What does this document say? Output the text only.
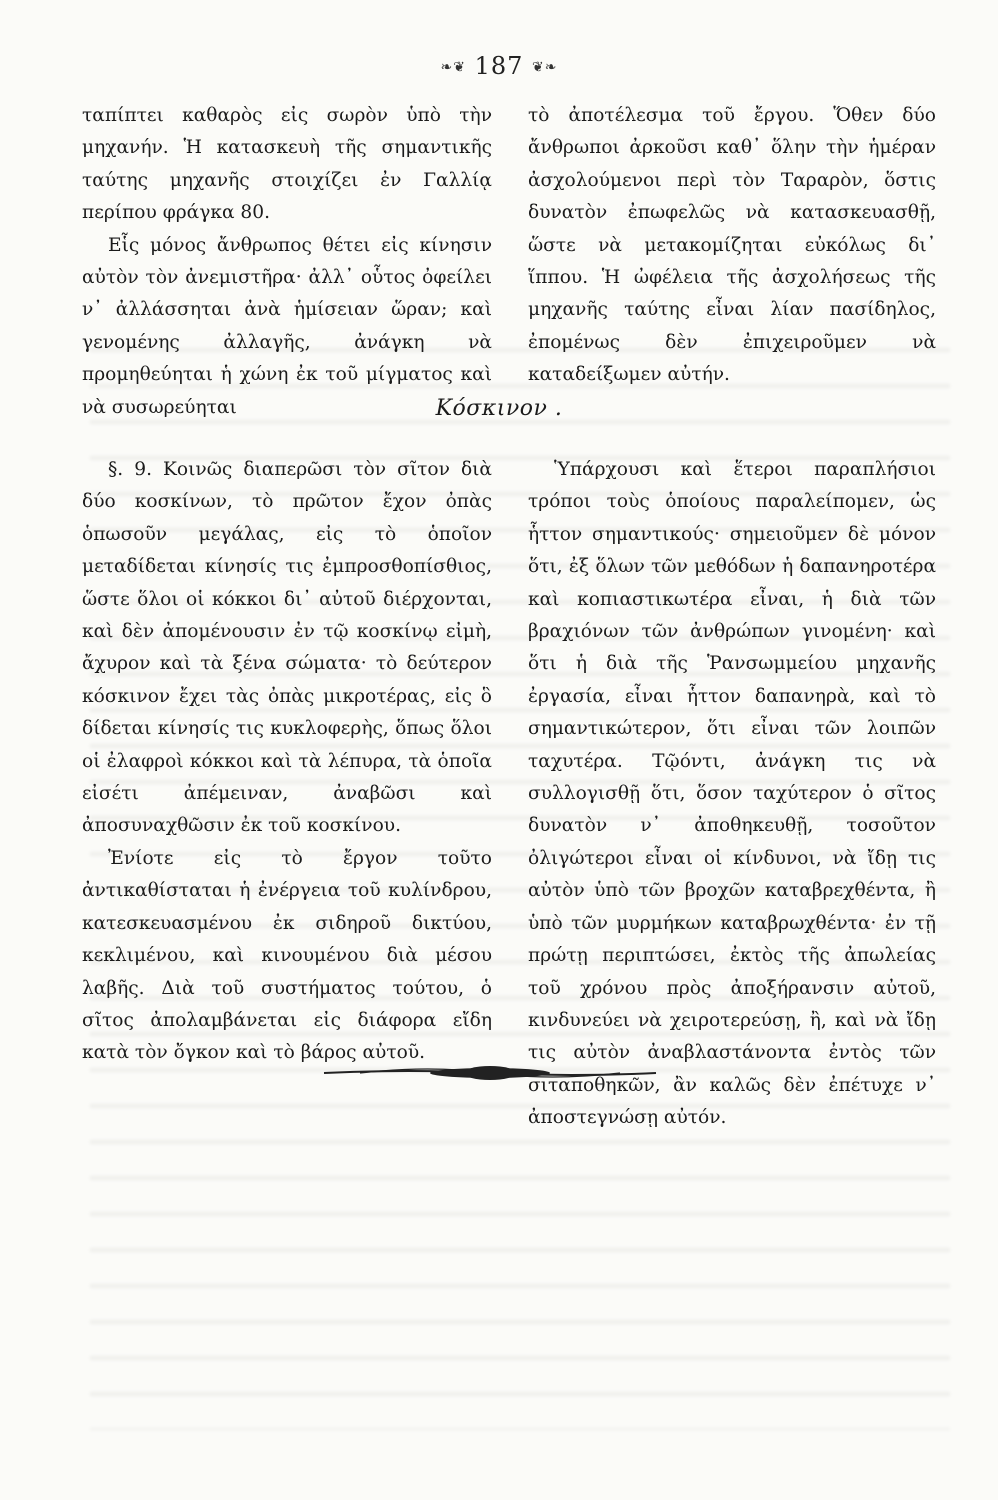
❧❦ 187 ❦❧

ταπίπτει καθαρὸς εἰς σωρὸν ὑπὸ τὴν μηχανήν. Ἡ κατασκευὴ τῆς σημαντικῆς ταύτης μηχανῆς στοιχίζει ἐν Γαλλίᾳ περίπου φράγκα 80.

Εἷς μόνος ἄνθρωπος θέτει εἰς κίνησιν αὐτὸν τὸν ἀνεμιστῆρα· ἀλλ᾽ οὗτος ὀφείλει ν᾽ ἀλλάσσηται ἀνὰ ἡμίσειαν ὥραν; καὶ γενομένης ἀλλαγῆς, ἀνάγκη νὰ προμηθεύηται ἡ χώνη ἐκ τοῦ μίγματος καὶ νὰ συσωρεύηται

τὸ ἀποτέλεσμα τοῦ ἔργου. Ὅθεν δύο ἄνθρωποι ἀρκοῦσι καθ᾽ ὅλην τὴν ἡμέραν ἀσχολούμενοι περὶ τὸν Ταραρὸν, ὅστις δυνατὸν ἐπωφελῶς νὰ κατασκευασθῇ, ὥστε νὰ μετακομίζηται εὐκόλως δι᾽ ἵππου. Ἡ ὠφέλεια τῆς ἀσχολήσεως τῆς μηχανῆς ταύτης εἶναι λίαν πασίδηλος, ἐπομένως δὲν ἐπιχειροῦμεν νὰ καταδείξωμεν αὐτήν.

Κόσκινον .

§. 9. Κοινῶς διαπερῶσι τὸν σῖτον διὰ δύο κοσκίνων, τὸ πρῶτον ἔχον ὀπὰς ὁπωσοῦν μεγάλας, εἰς τὸ ὁποῖον μεταδίδεται κίνησίς τις ἐμπροσθοπίσθιος, ὥστε ὅλοι οἱ κόκκοι δι᾽ αὐτοῦ διέρχονται, καὶ δὲν ἀπομένουσιν ἐν τῷ κοσκίνῳ εἰμὴ, ἄχυρον καὶ τὰ ξένα σώματα· τὸ δεύτερον κόσκινον ἔχει τὰς ὀπὰς μικροτέρας, εἰς ὃ δίδεται κίνησίς τις κυκλοφερὴς, ὅπως ὅλοι οἱ ἐλαφροὶ κόκκοι καὶ τὰ λέπυρα, τὰ ὁποῖα εἰσέτι ἀπέμειναν, ἀναβῶσι καὶ ἀποσυναχθῶσιν ἐκ τοῦ κοσκίνου.

Ἐνίοτε εἰς τὸ ἔργον τοῦτο ἀντικαθίσταται ἡ ἐνέργεια τοῦ κυλίνδρου, κατεσκευασμένου ἐκ σιδηροῦ δικτύου, κεκλιμένου, καὶ κινουμένου διὰ μέσου λαβῆς. Διὰ τοῦ συστήματος τούτου, ὁ σῖτος ἀπολαμβάνεται εἰς διάφορα εἴδη κατὰ τὸν ὄγκον καὶ τὸ βάρος αὐτοῦ.

Ὑπάρχουσι καὶ ἕτεροι παραπλήσιοι τρόποι τοὺς ὁποίους παραλείπομεν, ὡς ἧττον σημαντικούς· σημειοῦμεν δὲ μόνον ὅτι, ἐξ ὅλων τῶν μεθόδων ἡ δαπανηροτέρα καὶ κοπιαστικωτέρα εἶναι, ἡ διὰ τῶν βραχιόνων τῶν ἀνθρώπων γινομένη· καὶ ὅτι ἡ διὰ τῆς Ῥανσωμμείου μηχανῆς ἐργασία, εἶναι ἧττον δαπανηρὰ, καὶ τὸ σημαντικώτερον, ὅτι εἶναι τῶν λοιπῶν ταχυτέρα. Τῷόντι, ἀνάγκη τις νὰ συλλογισθῇ ὅτι, ὅσον ταχύτερον ὁ σῖτος δυνατὸν ν᾽ ἀποθηκευθῇ, τοσοῦτον ὀλιγώτεροι εἶναι οἱ κίνδυνοι, νὰ ἴδῃ τις αὐτὸν ὑπὸ τῶν βροχῶν καταβρεχθέντα, ἢ ὑπὸ τῶν μυρμήκων καταβρωχθέντα· ἐν τῇ πρώτῃ περιπτώσει, ἐκτὸς τῆς ἀπωλείας τοῦ χρόνου πρὸς ἀποξήρανσιν αὐτοῦ, κινδυνεύει νὰ χειροτερεύσῃ, ἢ, καὶ νὰ ἴδῃ τις αὐτὸν ἀναβλαστάνοντα ἐντὸς τῶν σιταποθηκῶν, ἂν καλῶς δὲν ἐπέτυχε ν᾽ ἀποστεγνώσῃ αὐτόν.
